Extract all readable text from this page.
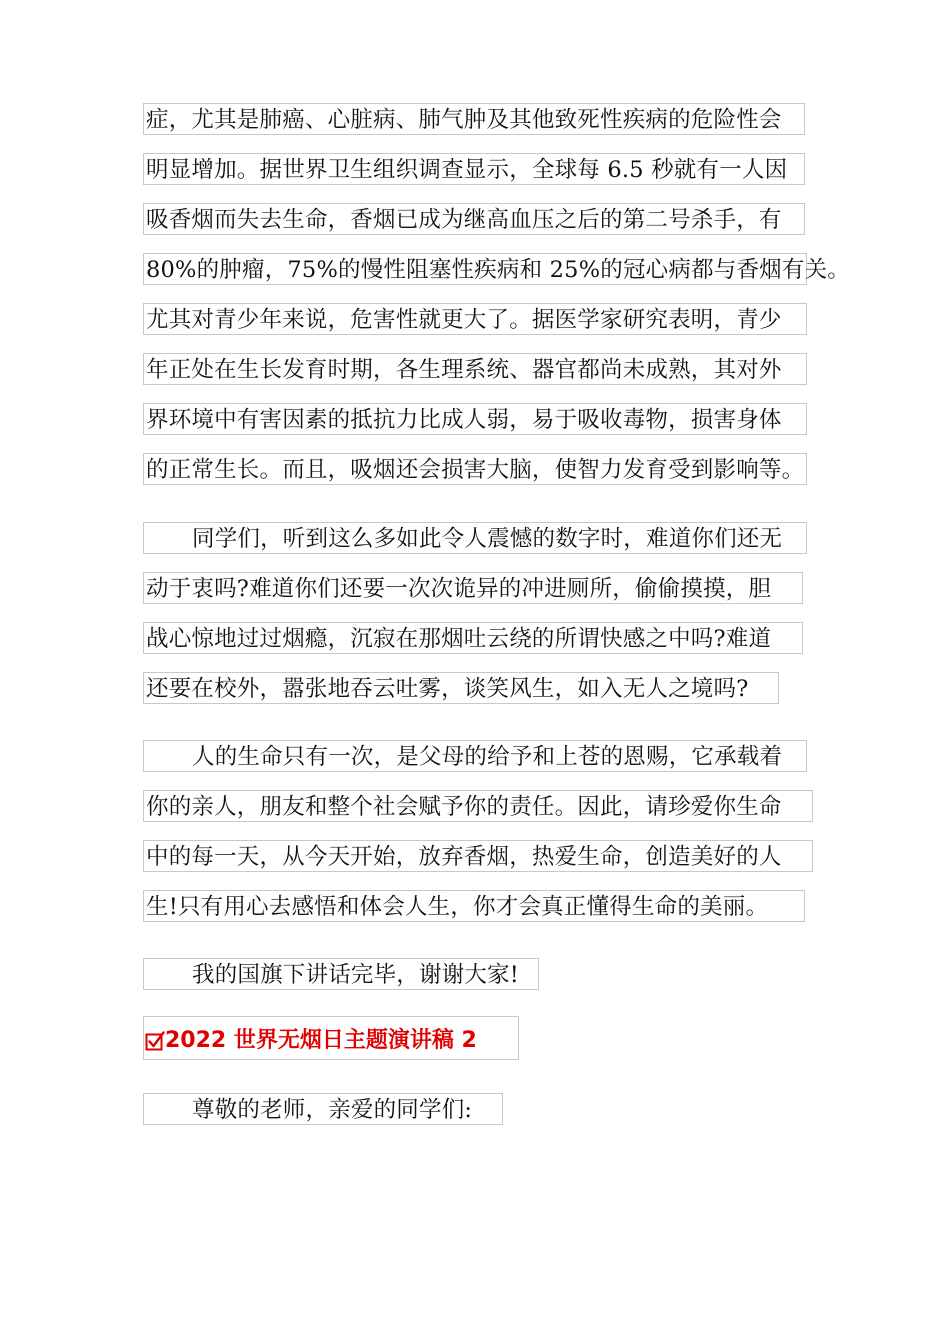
症，尤其是肺癌、心脏病、肺气肿及其他致死性疾病的危险性会
明显增加。据世界卫生组织调查显示，全球每 6.5 秒就有一人因
吸香烟而失去生命，香烟已成为继高血压之后的第二号杀手，有
80%的肿瘤，75%的慢性阻塞性疾病和 25%的冠心病都与香烟有关。
尤其对青少年来说，危害性就更大了。据医学家研究表明，青少
年正处在生长发育时期，各生理系统、器官都尚未成熟，其对外
界环境中有害因素的抵抗力比成人弱，易于吸收毒物，损害身体
的正常生长。而且，吸烟还会损害大脑，使智力发育受到影响等。
同学们，听到这么多如此令人震憾的数字时，难道你们还无
动于衷吗?难道你们还要一次次诡异的冲进厕所，偷偷摸摸，胆
战心惊地过过烟瘾，沉寂在那烟吐云绕的所谓快感之中吗?难道
还要在校外，嚣张地吞云吐雾，谈笑风生，如入无人之境吗?
人的生命只有一次，是父母的给予和上苍的恩赐，它承载着
你的亲人，朋友和整个社会赋予你的责任。因此，请珍爱你生命
中的每一天，从今天开始，放弃香烟，热爱生命，创造美好的人
生!只有用心去感悟和体会人生，你才会真正懂得生命的美丽。
我的国旗下讲话完毕，谢谢大家!
2022 世界无烟日主题演讲稿 2
尊敬的老师，亲爱的同学们:
